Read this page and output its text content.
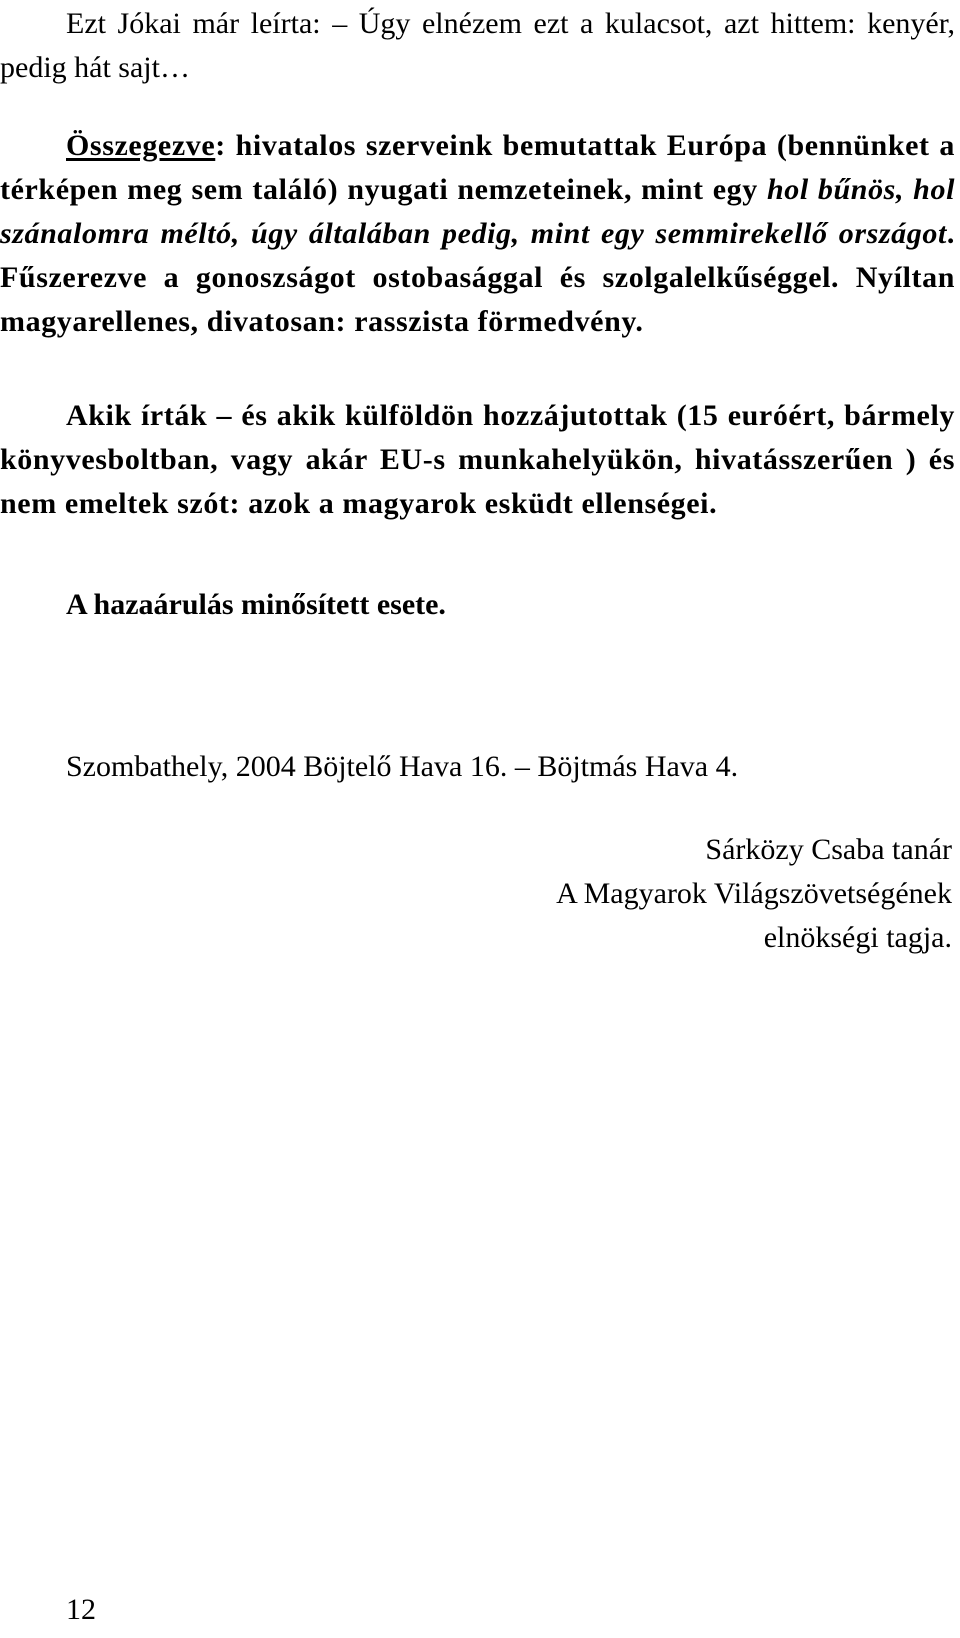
Ezt Jókai már leírta: – Úgy elnézem ezt a kulacsot, azt hittem: kenyér, pedig hát sajt…

Összegezve: hivatalos szerveink bemutattak Európa (bennünket a térképen meg sem találó) nyugati nemzeteinek, mint egy hol bűnös, hol szánalomra méltó, úgy általában pedig, mint egy semmirekellő országot. Fűszerezve a gonoszságot ostobasággal és szolgalelkűséggel. Nyíltan magyarellenes, divatosan: rasszista förmedvény.

Akik írták – és akik külföldön hozzájutottak (15 euróért, bármely könyvesboltban, vagy akár EU-s munkahelyükön, hivatásszerűen ) és nem emeltek szót: azok a magyarok esküdt ellenségei.

A hazaárulás minősített esete.

Szombathely, 2004 Böjtelő Hava 16. – Böjtmás Hava 4.

Sárközy Csaba tanár
A Magyarok Világszövetségének
elnökségi tagja.

12
